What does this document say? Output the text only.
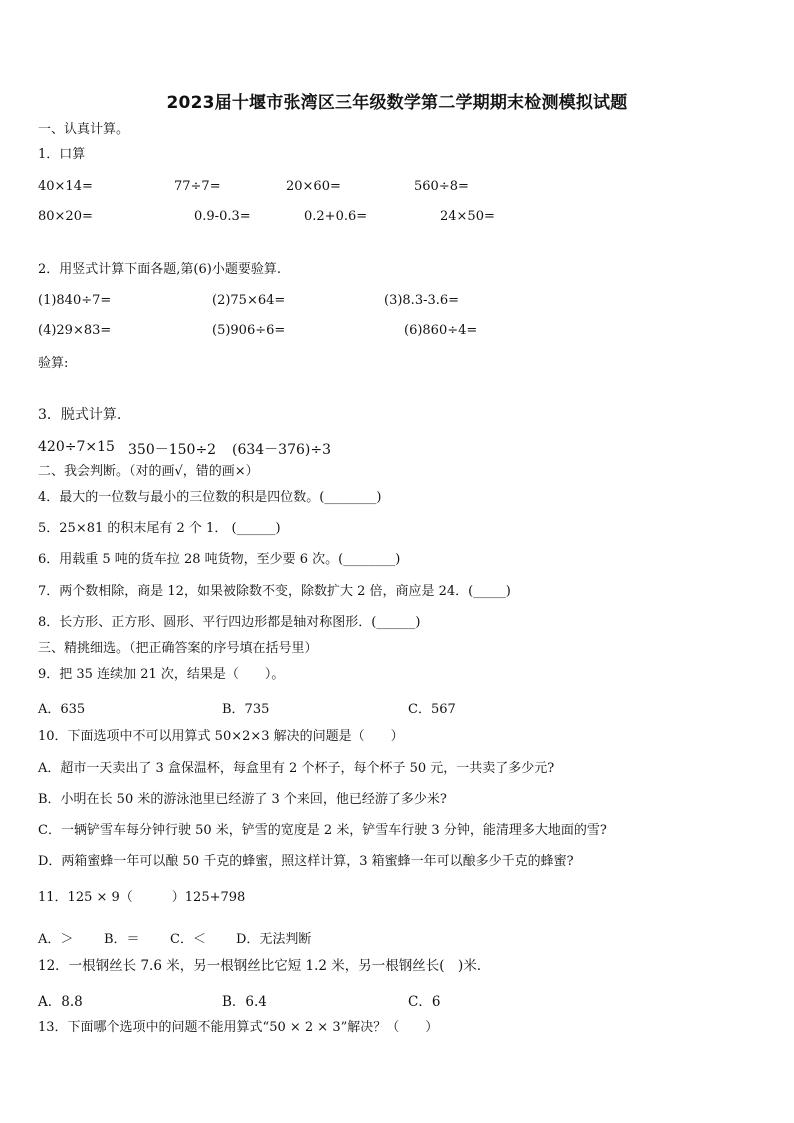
2023届十堰市张湾区三年级数学第二学期期末检测模拟试题
一、认真计算。
1．口算
40×14=	77÷7=	20×60=	560÷8=
80×20=	0.9-0.3=	0.2+0.6=	24×50=
2．用竖式计算下面各题,第(6)小题要验算.
(1)840÷7=	(2)75×64=	(3)8.3-3.6=
(4)29×83=	(5)906÷6=	(6)860÷4=
验算:
3．脱式计算.
420÷7×15 350－150÷2 (634－376)÷3
二、我会判断。（对的画√，错的画×）
4．最大的一位数与最小的三位数的积是四位数。(________)
5．25×81 的积末尾有 2 个 1． (______)
6．用载重 5 吨的货车拉 28 吨货物，至少要 6 次。(________)
7．两个数相除，商是 12，如果被除数不变，除数扩大 2 倍，商应是 24．(_____)
8．长方形、正方形、圆形、平行四边形都是轴对称图形．(______)
三、精挑细选。（把正确答案的序号填在括号里）
9．把 35 连续加 21 次，结果是（　　）。
A．635	B．735	C．567
10．下面选项中不可以用算式 50×2×3 解决的问题是（　　）
A．超市一天卖出了 3 盒保温杯，每盒里有 2 个杯子，每个杯子 50 元，一共卖了多少元?
B．小明在长 50 米的游泳池里已经游了 3 个来回，他已经游了多少米?
C．一辆铲雪车每分钟行驶 50 米，铲雪的宽度是 2 米，铲雪车行驶 3 分钟，能清理多大地面的雪?
D．两箱蜜蜂一年可以酿 50 千克的蜂蜜，照这样计算，3 箱蜜蜂一年可以酿多少千克的蜂蜜?
11．125 × 9（　　　）125+798
A．＞ B．＝ C．＜ D．无法判断
12．一根钢丝长 7.6 米，另一根钢丝比它短 1.2 米，另一根钢丝长(　)米．
A．8.8	B．6.4	C．6
13．下面哪个选项中的问题不能用算式“50 × 2 × 3”解决？（　　）
